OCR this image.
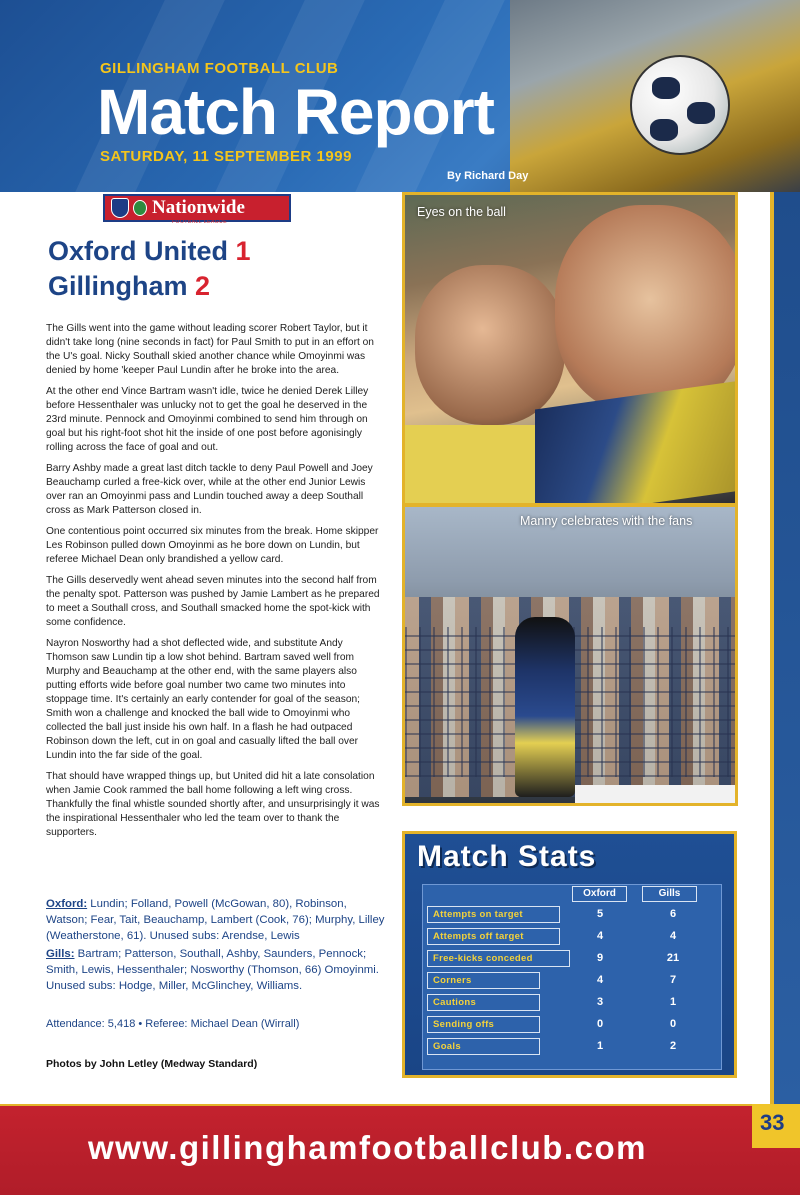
GILLINGHAM FOOTBALL CLUB
Match Report
SATURDAY, 11 SEPTEMBER 1999
By Richard Day
Nationwide
FOOTBALL LEAGUE
Oxford United 1
Gillingham 2

The Gills went into the game without leading scorer Robert Taylor, but it didn't take long (nine seconds in fact) for Paul Smith to put in an effort on the U's goal. Nicky Southall skied another chance while Omoyinmi was denied by home 'keeper Paul Lundin after he broke into the area.

At the other end Vince Bartram wasn't idle, twice he denied Derek Lilley before Hessenthaler was unlucky not to get the goal he deserved in the 23rd minute. Pennock and Omoyinmi combined to send him through on goal but his right-foot shot hit the inside of one post before agonisingly rolling across the face of goal and out.

Barry Ashby made a great last ditch tackle to deny Paul Powell and Joey Beauchamp curled a free-kick over, while at the other end Junior Lewis over ran an Omoyinmi pass and Lundin touched away a deep Southall cross as Mark Patterson closed in.

One contentious point occurred six minutes from the break. Home skipper Les Robinson pulled down Omoyinmi as he bore down on Lundin, but referee Michael Dean only brandished a yellow card.

The Gills deservedly went ahead seven minutes into the second half from the penalty spot. Patterson was pushed by Jamie Lambert as he prepared to meet a Southall cross, and Southall smacked home the spot-kick with some confidence.

Nayron Nosworthy had a shot deflected wide, and substitute Andy Thomson saw Lundin tip a low shot behind. Bartram saved well from Murphy and Beauchamp at the other end, with the same players also putting efforts wide before goal number two came two minutes into stoppage time. It's certainly an early contender for goal of the season; Smith won a challenge and knocked the ball wide to Omoyinmi who collected the ball just inside his own half. In a flash he had outpaced Robinson down the left, cut in on goal and casually lifted the ball over Lundin into the far side of the goal.

That should have wrapped things up, but United did hit a late consolation when Jamie Cook rammed the ball home following a left wing cross. Thankfully the final whistle sounded shortly after, and unsurprisingly it was the inspirational Hessenthaler who led the team over to thank the supporters.

Oxford: Lundin; Folland, Powell (McGowan, 80), Robinson, Watson; Fear, Tait, Beauchamp, Lambert (Cook, 76); Murphy, Lilley (Weatherstone, 61). Unused subs: Arendse, Lewis

Gills: Bartram; Patterson, Southall, Ashby, Saunders, Pennock; Smith, Lewis, Hessenthaler; Nosworthy (Thomson, 66) Omoyinmi. Unused subs: Hodge, Miller, McGlinchey, Williams.

Attendance: 5,418 • Referee: Michael Dean (Wirrall)
Photos by John Letley (Medway Standard)
Eyes on the ball
Manny celebrates with the fans
Match Stats
Oxford	Gills
Attempts on target	5	6
Attempts off target	4	4
Free-kicks conceded	9	21
Corners	4	7
Cautions	3	1
Sending offs	0	0
Goals	1	2
www.gillinghamfootballclub.com
33
